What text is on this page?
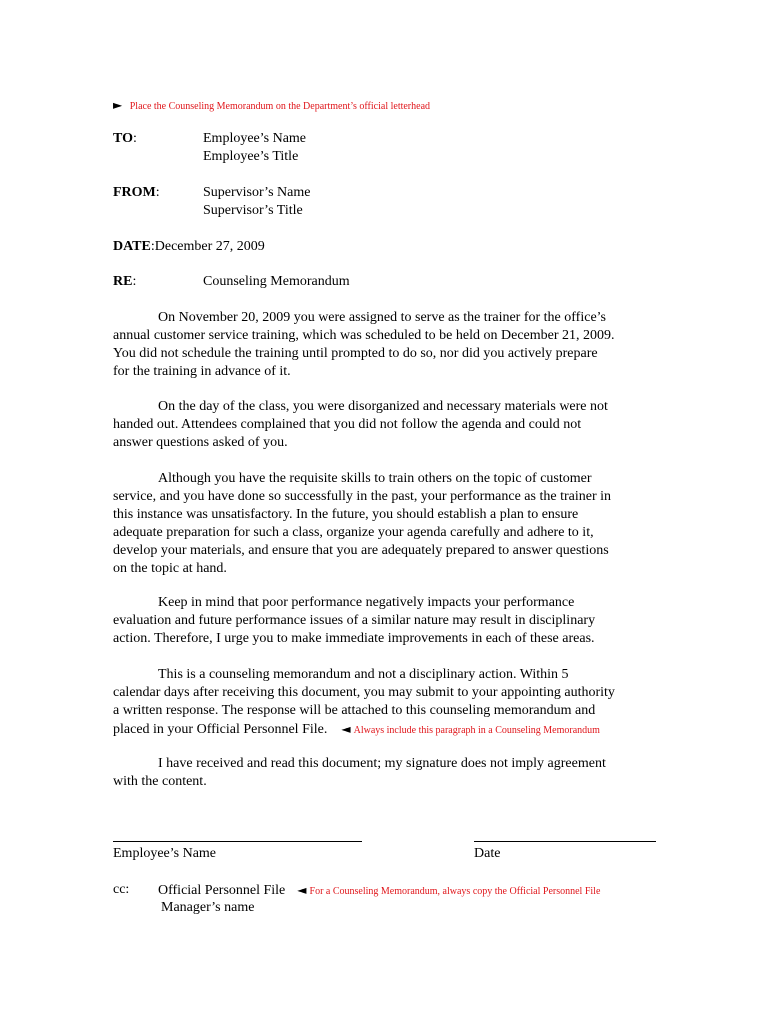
► Place the Counseling Memorandum on the Department’s official letterhead
TO:	Employee’s Name
Employee’s Title
FROM:	Supervisor’s Name
Supervisor’s Title
DATE:December 27, 2009
RE:	Counseling Memorandum
On November 20, 2009 you were assigned to serve as the trainer for the office’s
annual customer service training, which was scheduled to be held on December 21, 2009.
You did not schedule the training until prompted to do so, nor did you actively prepare
for the training in advance of it.
On the day of the class, you were disorganized and necessary materials were not
handed out. Attendees complained that you did not follow the agenda and could not
answer questions asked of you.
Although you have the requisite skills to train others on the topic of customer
service, and you have done so successfully in the past, your performance as the trainer in
this instance was unsatisfactory. In the future, you should establish a plan to ensure
adequate preparation for such a class, organize your agenda carefully and adhere to it,
develop your materials, and ensure that you are adequately prepared to answer questions
on the topic at hand.
Keep in mind that poor performance negatively impacts your performance
evaluation and future performance issues of a similar nature may result in disciplinary
action. Therefore, I urge you to make immediate improvements in each of these areas.
This is a counseling memorandum and not a disciplinary action. Within 5
calendar days after receiving this document, you may submit to your appointing authority
a written response. The response will be attached to this counseling memorandum and
placed in your Official Personnel File. ◄ Always include this paragraph in a Counseling Memorandum
I have received and read this document; my signature does not imply agreement
with the content.
Employee’s Name	Date
cc: Official Personnel File ◄ For a Counseling Memorandum, always copy the Official Personnel File
Manager’s name
